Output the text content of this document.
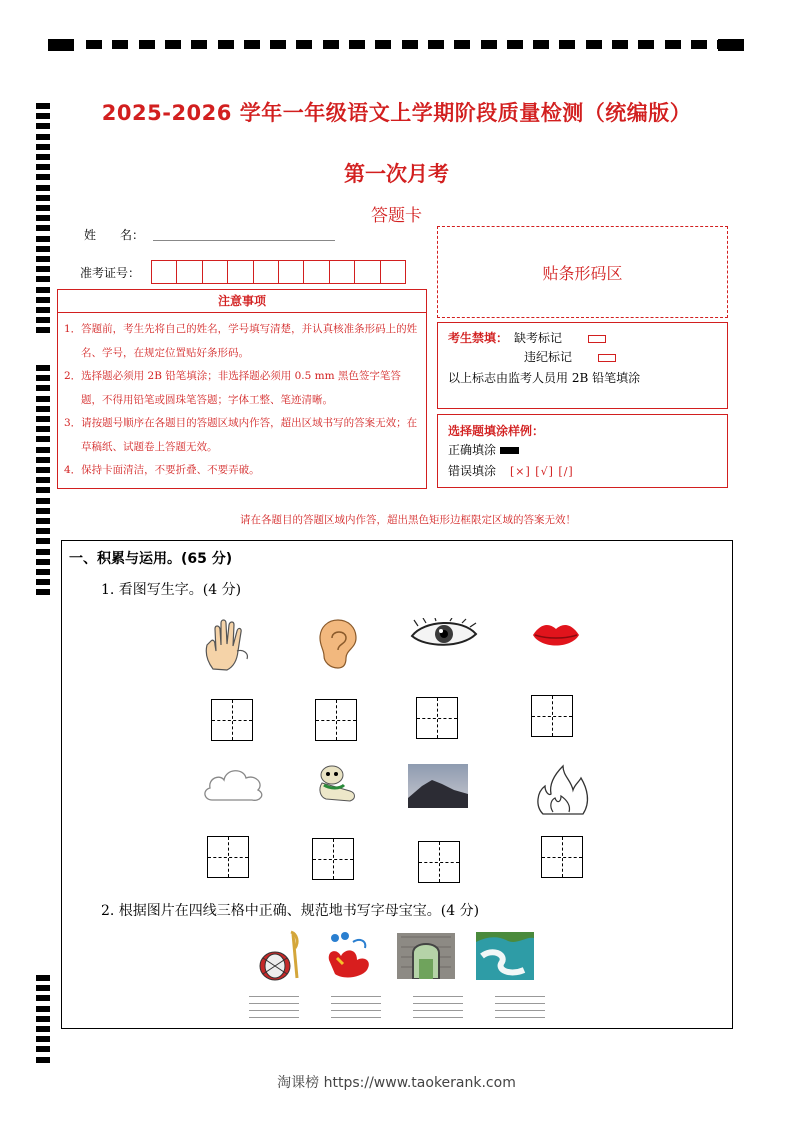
2025-2026 学年一年级语文上学期阶段质量检测（统编版）
第一次月考
答题卡
姓　　名：
准考证号：	贴条形码区
注意事项
1．答题前，考生先将自己的姓名，学号填写清楚，并认真核准条形码上的姓名、学号，在规定位置贴好条形码。
2．选择题必须用 2B 铅笔填涂；非选择题必须用 0.5 mm 黑色签字笔答题，不得用铅笔或圆珠笔答题；字体工整、笔迹清晰。
3．请按题号顺序在各题目的答题区域内作答，超出区域书写的答案无效；在草稿纸、试题卷上答题无效。
4．保持卡面清洁，不要折叠、不要弄破。
考生禁填： 缺考标记
违纪标记
以上标志由监考人员用 2B 铅笔填涂
选择题填涂样例：
正确填涂
错误填涂 [×] [√] [/]
请在各题目的答题区域内作答，超出黑色矩形边框限定区域的答案无效！
一、积累与运用。(65 分)
1. 看图写生字。(4 分)
2. 根据图片在四线三格中正确、规范地书写字母宝宝。(4 分)
淘课榜 https://www.taokerank.com
